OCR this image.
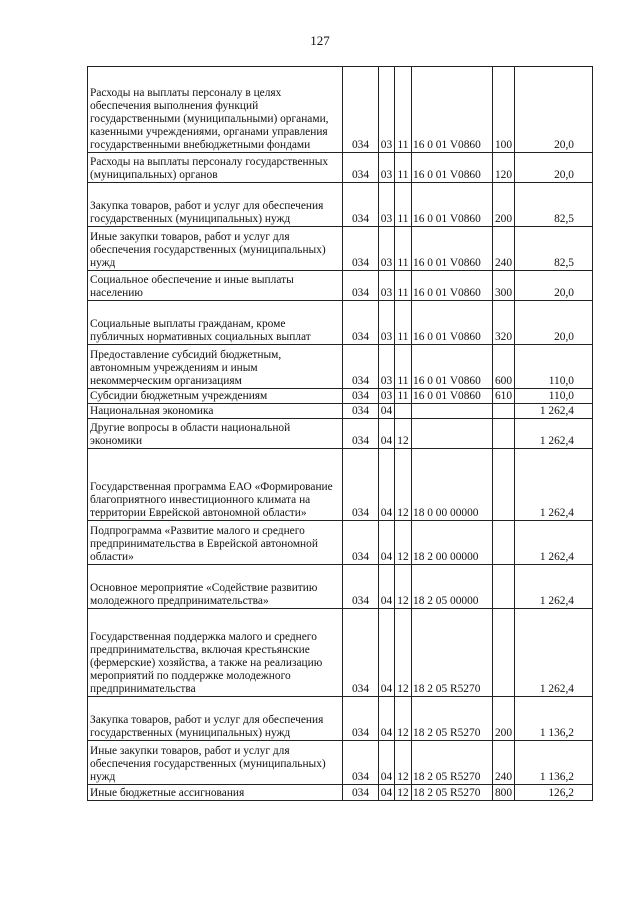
127
Расходы на выплаты персоналу в целях обеспечения выполнения функций государственными (муниципальными) органами, казенными учреждениями, органами управления государственными внебюджетными фондами	034	03	11	16 0 01 V0860	100	20,0
Расходы на выплаты персоналу государственных (муниципальных) органов	034	03	11	16 0 01 V0860	120	20,0
Закупка товаров, работ и услуг для обеспечения государственных (муниципальных) нужд	034	03	11	16 0 01 V0860	200	82,5
Иные закупки товаров, работ и услуг для обеспечения государственных (муниципальных) нужд	034	03	11	16 0 01 V0860	240	82,5
Социальное обеспечение и иные выплаты населению	034	03	11	16 0 01 V0860	300	20,0
Социальные выплаты гражданам, кроме публичных нормативных социальных выплат	034	03	11	16 0 01 V0860	320	20,0
Предоставление субсидий бюджетным, автономным учреждениям и иным некоммерческим организациям	034	03	11	16 0 01 V0860	600	110,0
Субсидии бюджетным учреждениям	034	03	11	16 0 01 V0860	610	110,0
Национальная экономика	034	04				1 262,4
Другие вопросы в области национальной экономики	034	04	12			1 262,4
Государственная программа ЕАО «Формирование благоприятного инвестиционного климата на территории Еврейской автономной области»	034	04	12	18 0 00 00000		1 262,4
Подпрограмма «Развитие малого и среднего предпринимательства в Еврейской автономной области»	034	04	12	18 2 00 00000		1 262,4
Основное мероприятие «Содействие развитию молодежного предпринимательства»	034	04	12	18 2 05 00000		1 262,4
Государственная поддержка малого и среднего предпринимательства, включая крестьянские (фермерские) хозяйства, а также на реализацию мероприятий по поддержке молодежного предпринимательства	034	04	12	18 2 05 R5270		1 262,4
Закупка товаров, работ и услуг для обеспечения государственных (муниципальных) нужд	034	04	12	18 2 05 R5270	200	1 136,2
Иные закупки товаров, работ и услуг для обеспечения государственных (муниципальных) нужд	034	04	12	18 2 05 R5270	240	1 136,2
Иные бюджетные ассигнования	034	04	12	18 2 05 R5270	800	126,2
